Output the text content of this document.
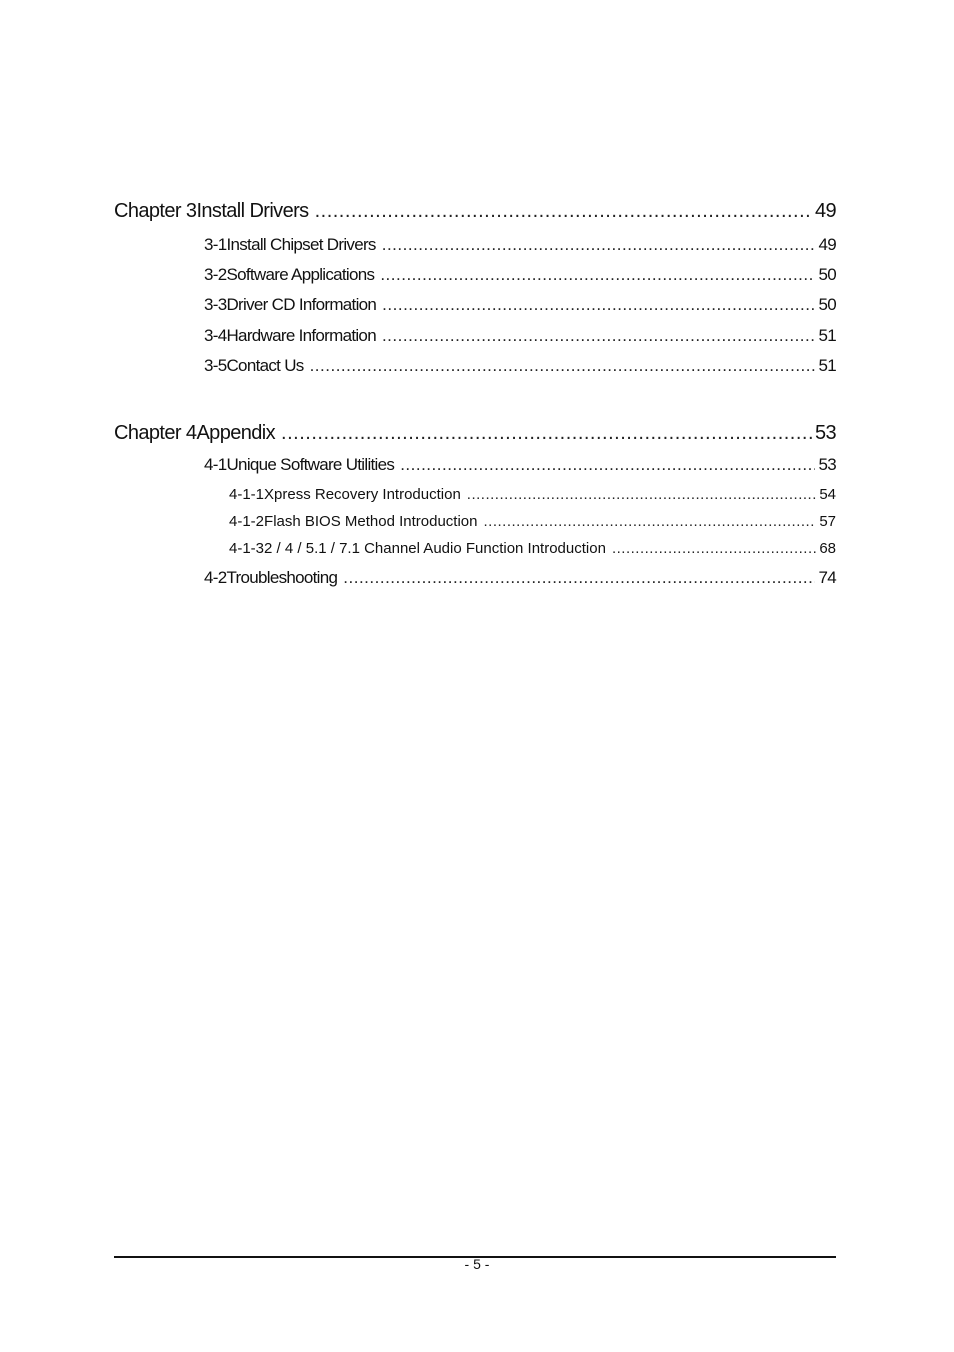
Chapter 3 Install Drivers .....	49
3-1 Install Chipset Drivers .....	49
3-2 Software Applications .....	50
3-3 Driver CD Information .....	50
3-4 Hardware Information .....	51
3-5 Contact Us .....	51
Chapter 4 Appendix .....	53
4-1 Unique Software Utilities .....	53
4-1-1 Xpress Recovery Introduction .....	54
4-1-2 Flash BIOS Method Introduction .....	57
4-1-3 2 / 4 / 5.1 / 7.1 Channel Audio Function Introduction .....	68
4-2 Troubleshooting .....	74
- 5 -
